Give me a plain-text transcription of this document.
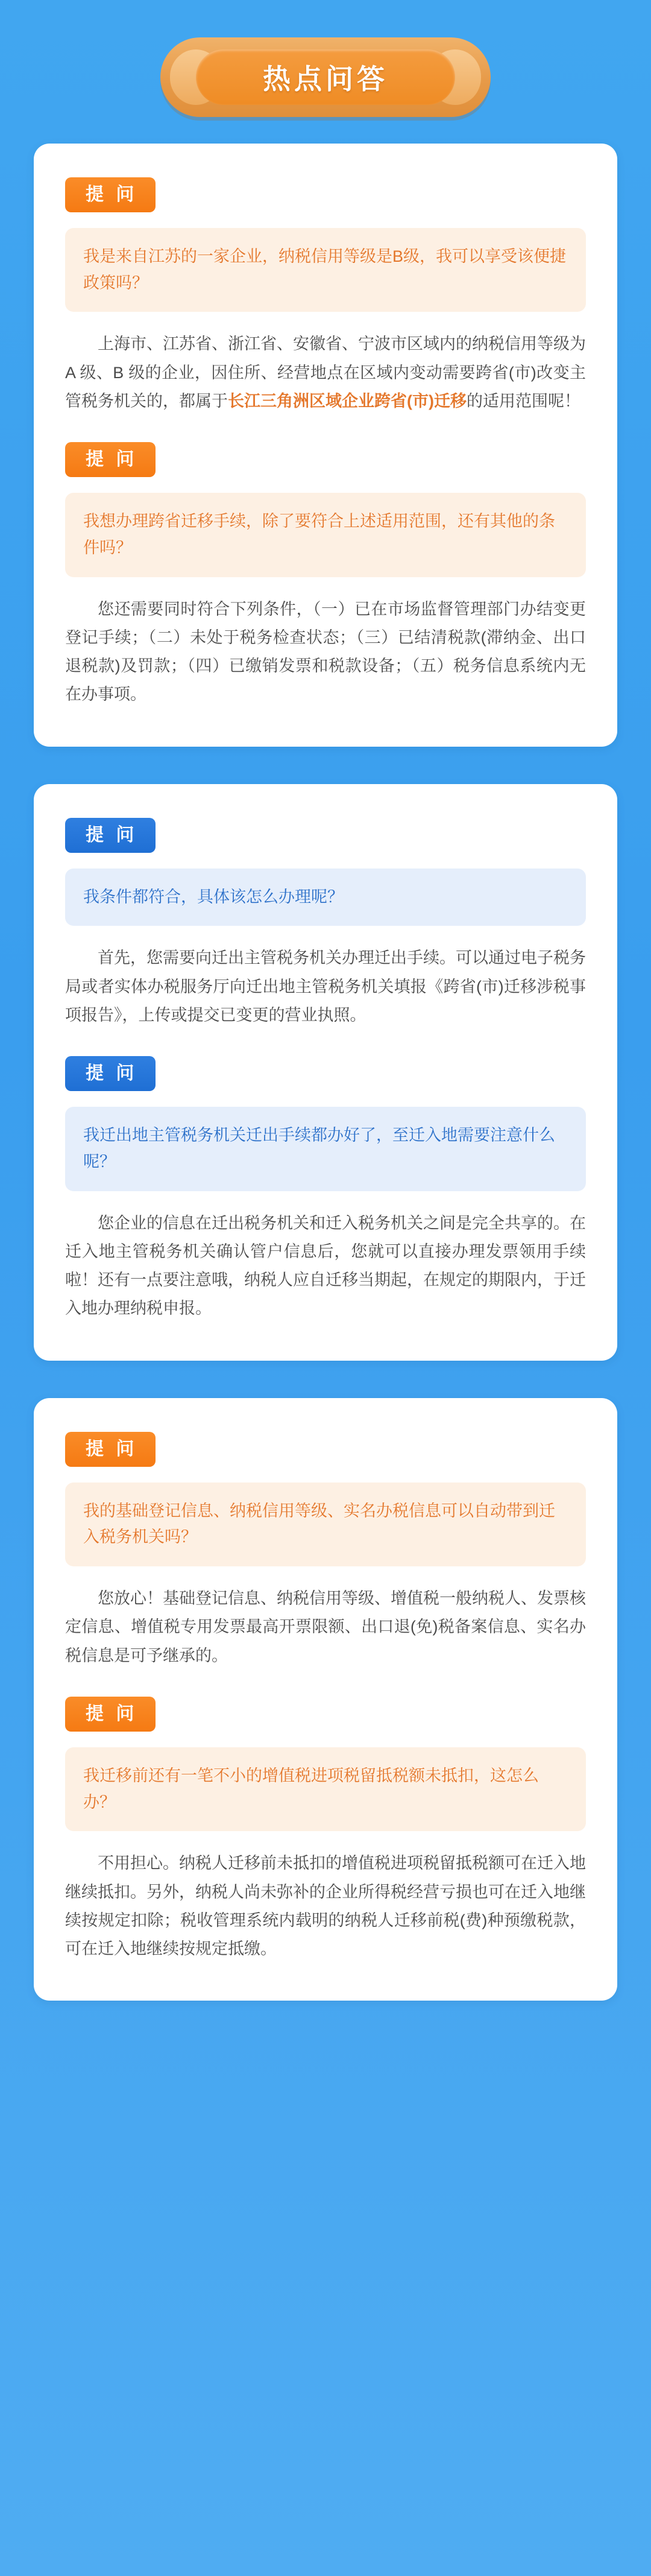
热点问答
提 问
我是来自江苏的一家企业，纳税信用等级是B级，我可以享受该便捷政策吗？

上海市、江苏省、浙江省、安徽省、宁波市区域内的纳税信用等级为 A 级、B 级的企业，因住所、经营地点在区域内变动需要跨省(市)改变主管税务机关的，都属于长江三角洲区域企业跨省(市)迁移的适用范围呢！

提 问
我想办理跨省迁移手续，除了要符合上述适用范围，还有其他的条件吗？

您还需要同时符合下列条件，（一）已在市场监督管理部门办结变更登记手续；（二）未处于税务检查状态；（三）已结清税款(滞纳金、出口退税款)及罚款；（四）已缴销发票和税款设备；（五）税务信息系统内无在办事项。

提 问
我条件都符合，具体该怎么办理呢？

首先，您需要向迁出主管税务机关办理迁出手续。可以通过电子税务局或者实体办税服务厅向迁出地主管税务机关填报《跨省(市)迁移涉税事项报告》，上传或提交已变更的营业执照。

提 问
我迁出地主管税务机关迁出手续都办好了，至迁入地需要注意什么呢？

您企业的信息在迁出税务机关和迁入税务机关之间是完全共享的。在迁入地主管税务机关确认管户信息后，您就可以直接办理发票领用手续啦！还有一点要注意哦，纳税人应自迁移当期起，在规定的期限内，于迁入地办理纳税申报。

提 问
我的基础登记信息、纳税信用等级、实名办税信息可以自动带到迁入税务机关吗？

您放心！基础登记信息、纳税信用等级、增值税一般纳税人、发票核定信息、增值税专用发票最高开票限额、出口退(免)税备案信息、实名办税信息是可予继承的。

提 问
我迁移前还有一笔不小的增值税进项税留抵税额未抵扣，这怎么办？

不用担心。纳税人迁移前未抵扣的增值税进项税留抵税额可在迁入地继续抵扣。另外，纳税人尚未弥补的企业所得税经营亏损也可在迁入地继续按规定扣除；税收管理系统内载明的纳税人迁移前税(费)种预缴税款，可在迁入地继续按规定抵缴。
